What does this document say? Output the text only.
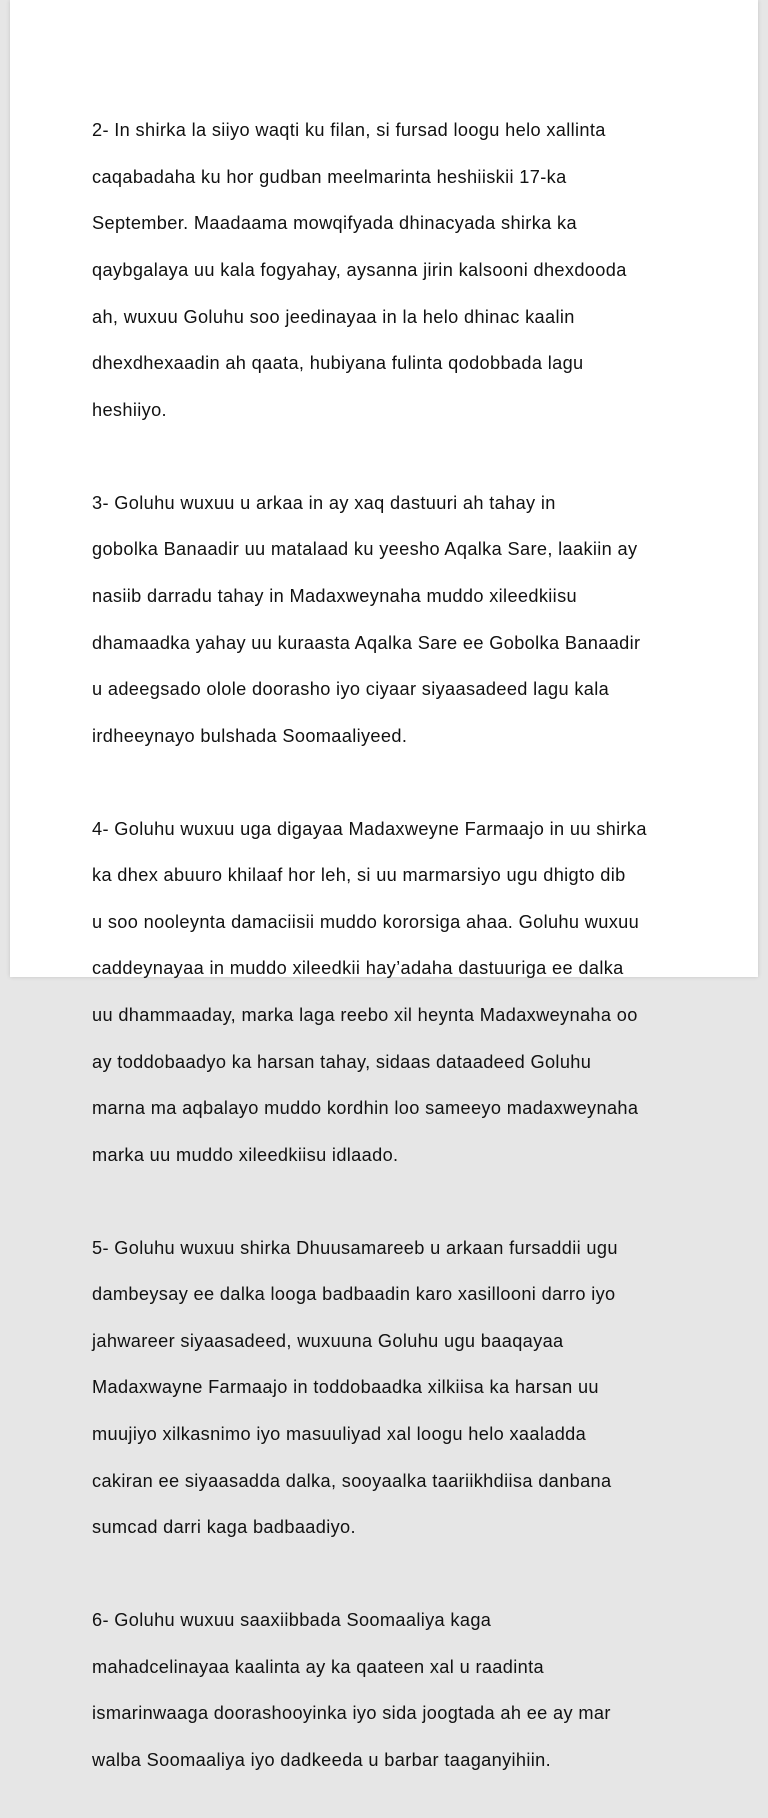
2- In shirka la siiyo waqti ku filan, si fursad loogu helo xallinta

caqabadaha ku hor gudban meelmarinta heshiiskii 17-ka

September. Maadaama mowqifyada dhinacyada shirka ka

qaybgalaya uu kala fogyahay, aysanna jirin kalsooni dhexdooda

ah, wuxuu Goluhu soo jeedinayaa in la helo dhinac kaalin

dhexdhexaadin ah qaata, hubiyana fulinta qodobbada lagu

heshiiyo.

3- Goluhu wuxuu u arkaa in ay xaq dastuuri ah tahay in

gobolka Banaadir uu matalaad ku yeesho Aqalka Sare, laakiin ay

nasiib darradu tahay in Madaxweynaha muddo xileedkiisu

dhamaadka yahay uu kuraasta Aqalka Sare ee Gobolka Banaadir

u adeegsado ololе doorasho iyo ciyaar siyaasadeed lagu kala

irdheeynayo bulshada Soomaaliyeed.

4- Goluhu wuxuu uga digayaa Madaxweyne Farmaajo in uu shirka

ka dhex abuuro khilaaf hor leh, si uu marmarsiyo ugu dhigto dib

u soo nooleynta damaciisii muddo kororsiga ahaa. Goluhu wuxuu

caddeynayaa in muddo xileedkii hay’adaha dastuuriga ee dalka

uu dhammaaday, marka laga reebo xil heynta Madaxweynaha oo

ay toddobaadyo ka harsan tahay, sidaas dataadeed Goluhu

marna ma aqbalayo muddo kordhin loo sameeyo madaxweynaha

marka uu muddo xileedkiisu idlaado.

5- Goluhu wuxuu shirka Dhuusamareeb u arkaan fursaddii ugu

dambeysay ee dalka looga badbaadin karo xasillooni darro iyo

jahwareer siyaasadeed, wuxuuna Goluhu ugu baaqayaa

Madaxwayne Farmaajo in toddobaadka xilkiisa ka harsan uu

muujiyo xilkasnimo iyo masuuliyad xal loogu helo xaaladda

cakiran ee siyaasadda dalka, sooyaalka taariikhdiisa danbana

sumcad darri kaga badbaadiyo.

6- Goluhu wuxuu saaxiibbada Soomaaliya kaga

mahadcelinayaa kaalinta ay ka qaateen xal u raadinta

ismarinwaaga doorashooyinka iyo sida joogtada ah ee ay mar

walba Soomaaliya iyo dadkeeda u barbar taaganyihiin.
